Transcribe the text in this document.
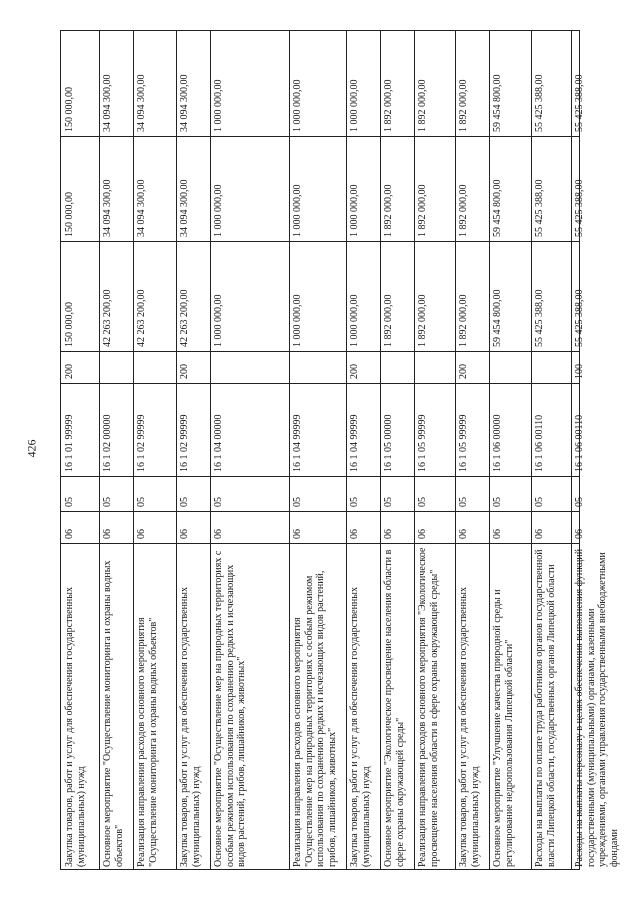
426
Закупка товаров, работ и услуг для обеспечения государственных (муниципальных) нужд
06
05
16 1 01 99999
200
150 000,00
150 000,00
150 000,00
Основное мероприятие "Осуществление мониторинга и охраны водных объектов"
06
05
16 1 02 00000
42 263 200,00
34 094 300,00
34 094 300,00
Реализация направления расходов основного мероприятия "Осуществление мониторинга и охраны водных объектов"
06
05
16 1 02 99999
42 263 200,00
34 094 300,00
34 094 300,00
Закупка товаров, работ и услуг для обеспечения государственных (муниципальных) нужд
06
05
16 1 02 99999
200
42 263 200,00
34 094 300,00
34 094 300,00
Основное мероприятие "Осуществление мер на природных территориях с особым режимом использования по сохранению редких и исчезающих видов растений, грибов, лишайников, животных"
06
05
16 1 04 00000
1 000 000,00
1 000 000,00
1 000 000,00
Реализация направления расходов основного мероприятия "Осуществление мер на природных территориях с особым режимом использования по сохранению редких и исчезающих видов растений, грибов, лишайников, животных"
06
05
16 1 04 99999
1 000 000,00
1 000 000,00
1 000 000,00
Закупка товаров, работ и услуг для обеспечения государственных (муниципальных) нужд
06
05
16 1 04 99999
200
1 000 000,00
1 000 000,00
1 000 000,00
Основное мероприятие "Экологическое просвещение населения области в сфере охраны окружающей среды"
06
05
16 1 05 00000
1 892 000,00
1 892 000,00
1 892 000,00
Реализация направления расходов основного мероприятия "Экологическое просвещение населения области в сфере охраны окружающей среды"
06
05
16 1 05 99999
1 892 000,00
1 892 000,00
1 892 000,00
Закупка товаров, работ и услуг для обеспечения государственных (муниципальных) нужд
06
05
16 1 05 99999
200
1 892 000,00
1 892 000,00
1 892 000,00
Основное мероприятие "Улучшение качества природной среды и регулирование недропользования Липецкой области"
06
05
16 1 06 00000
59 454 800,00
59 454 800,00
59 454 800,00
Расходы на выплаты по оплате труда работников органов государственной власти Липецкой области, государственных органов Липецкой области
06
05
16 1 06 00110
55 425 388,00
55 425 388,00
55 425 388,00
Расходы на выплаты персоналу в целях обеспечения выполнения функций государственными (муниципальными) органами, казенными учреждениями, органами управления государственными внебюджетными фондами
06
05
16 1 06 00110
100
55 425 388,00
55 425 388,00
55 425 388,00
